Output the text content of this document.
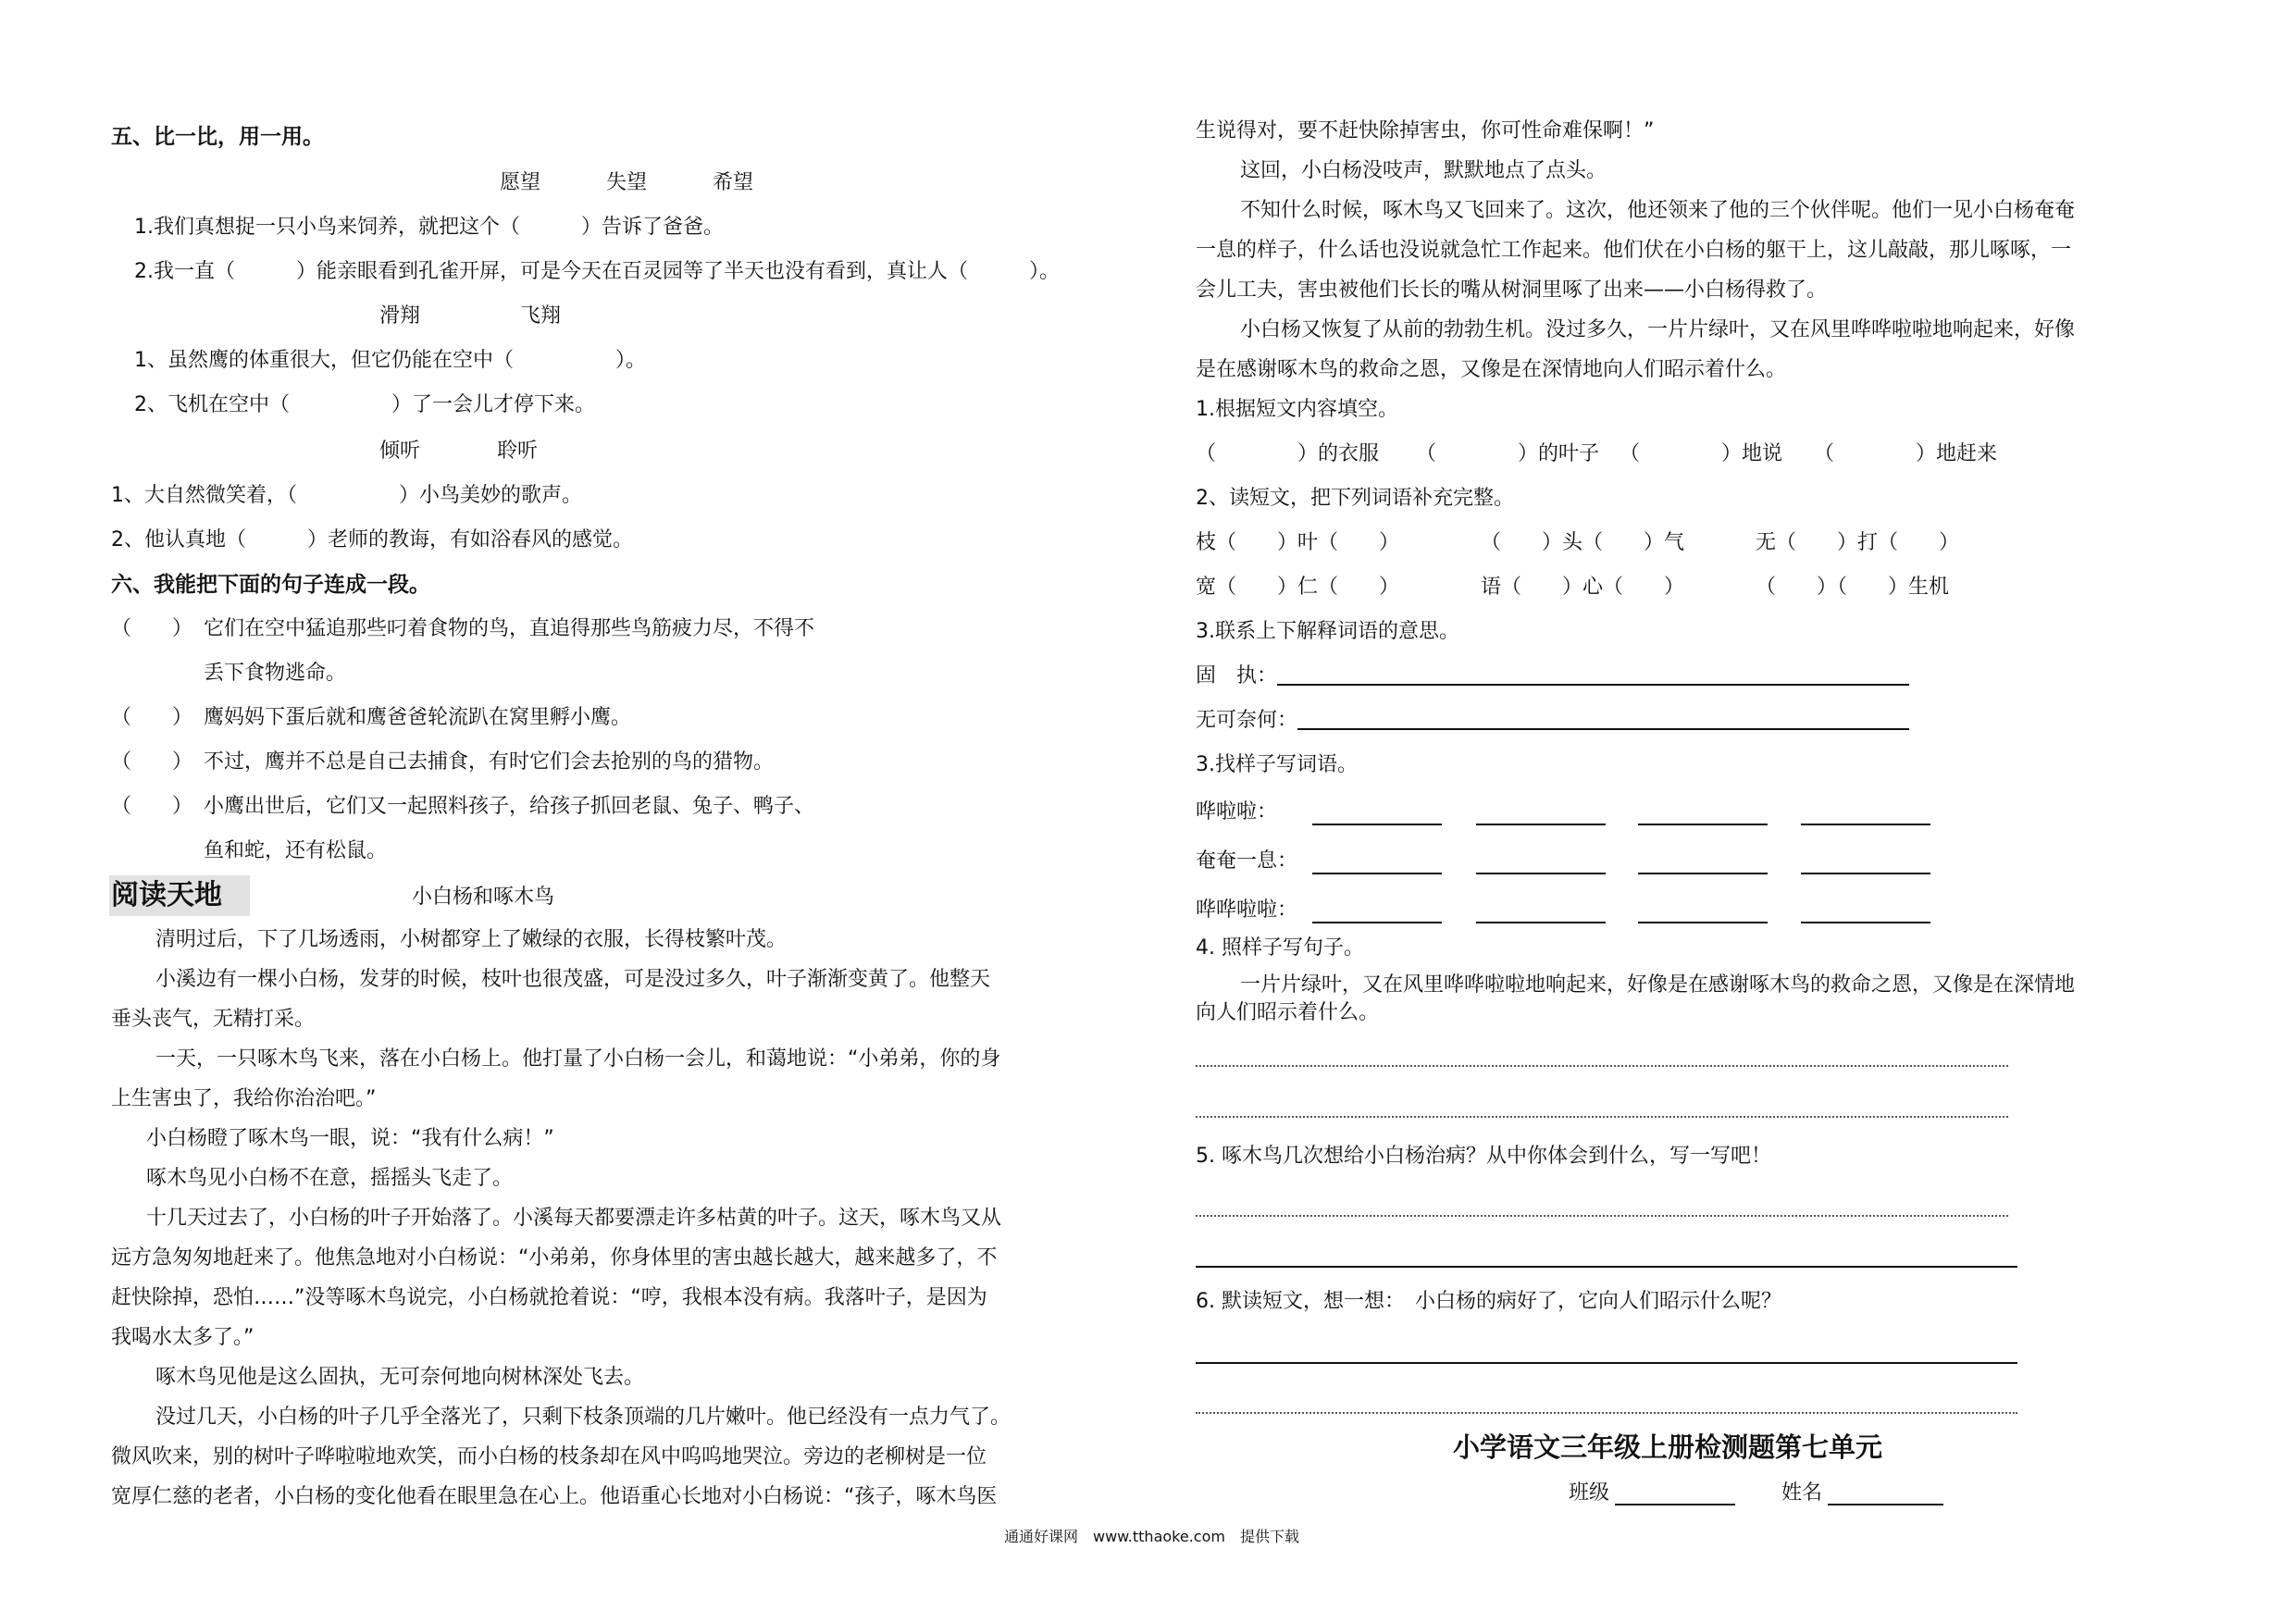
五、比一比，用一用。
愿望	失望	希望
1.我们真想捉一只小鸟来饲养，就把这个（　　　）告诉了爸爸。
2.我一直（　　　）能亲眼看到孔雀开屏，可是今天在百灵园等了半天也没有看到，真让人（　　　）。
滑翔	飞翔
1、虽然鹰的体重很大，但它仍能在空中（　　　　　）。
2、飞机在空中（　　　　　）了一会儿才停下来。
倾听	聆听
1、大自然微笑着，（　　　　　）小鸟美妙的歌声。
2、他认真地（　　　）老师的教诲，有如浴春风的感觉。
六、我能把下面的句子连成一段。
（　　） 它们在空中猛追那些叼着食物的鸟，直追得那些鸟筋疲力尽，不得不
丢下食物逃命。
（　　） 鹰妈妈下蛋后就和鹰爸爸轮流趴在窝里孵小鹰。
（　　） 不过，鹰并不总是自己去捕食，有时它们会去抢别的鸟的猎物。
（　　） 小鹰出世后，它们又一起照料孩子，给孩子抓回老鼠、兔子、鸭子、
鱼和蛇，还有松鼠。
阅读天地	小白杨和啄木鸟
清明过后，下了几场透雨，小树都穿上了嫩绿的衣服，长得枝繁叶茂。
小溪边有一棵小白杨，发芽的时候，枝叶也很茂盛，可是没过多久，叶子渐渐变黄了。他整天
垂头丧气，无精打采。
一天，一只啄木鸟飞来，落在小白杨上。他打量了小白杨一会儿，和蔼地说：“小弟弟，你的身
上生害虫了，我给你治治吧。”
小白杨瞪了啄木鸟一眼，说：“我有什么病！”
啄木鸟见小白杨不在意，摇摇头飞走了。
十几天过去了，小白杨的叶子开始落了。小溪每天都要漂走许多枯黄的叶子。这天，啄木鸟又从
远方急匆匆地赶来了。他焦急地对小白杨说：“小弟弟，你身体里的害虫越长越大，越来越多了，不
赶快除掉，恐怕……”没等啄木鸟说完，小白杨就抢着说：“哼，我根本没有病。我落叶子，是因为
我喝水太多了。”
啄木鸟见他是这么固执，无可奈何地向树林深处飞去。
没过几天，小白杨的叶子几乎全落光了，只剩下枝条顶端的几片嫩叶。他已经没有一点力气了。
微风吹来，别的树叶子哗啦啦地欢笑，而小白杨的枝条却在风中呜呜地哭泣。旁边的老柳树是一位
宽厚仁慈的老者，小白杨的变化他看在眼里急在心上。他语重心长地对小白杨说：“孩子，啄木鸟医
生说得对，要不赶快除掉害虫，你可性命难保啊！”
这回，小白杨没吱声，默默地点了点头。
不知什么时候，啄木鸟又飞回来了。这次，他还领来了他的三个伙伴呢。他们一见小白杨奄奄
一息的样子，什么话也没说就急忙工作起来。他们伏在小白杨的躯干上，这儿敲敲，那儿啄啄，一
会儿工夫，害虫被他们长长的嘴从树洞里啄了出来——小白杨得救了。
小白杨又恢复了从前的勃勃生机。没过多久，一片片绿叶，又在风里哗哗啦啦地响起来，好像
是在感谢啄木鸟的救命之恩，又像是在深情地向人们昭示着什么。
1.根据短文内容填空。
（　　　　）的衣服 （　　　　）的叶子 （　　　　）地说 （　　　　）地赶来
2、读短文，把下列词语补充完整。
枝（　　）叶（　　）	（　　）头（　　）气	无（　　）打（　　）
宽（　　）仁（　　）	语（　　）心（　　）	（　　）（　　）生机
3.联系上下解释词语的意思。
固　执：
无可奈何：
3.找样子写词语。
哗啦啦：
奄奄一息：
哗哗啦啦：
4. 照样子写句子。
一片片绿叶，又在风里哗哗啦啦地响起来，好像是在感谢啄木鸟的救命之恩，又像是在深情地
向人们昭示着什么。
5. 啄木鸟几次想给小白杨治病？从中你体会到什么，写一写吧！
6. 默读短文，想一想：　小白杨的病好了，它向人们昭示什么呢？
小学语文三年级上册检测题第七单元
班级	姓名
通通好课网　www.tthaoke.com　提供下载
